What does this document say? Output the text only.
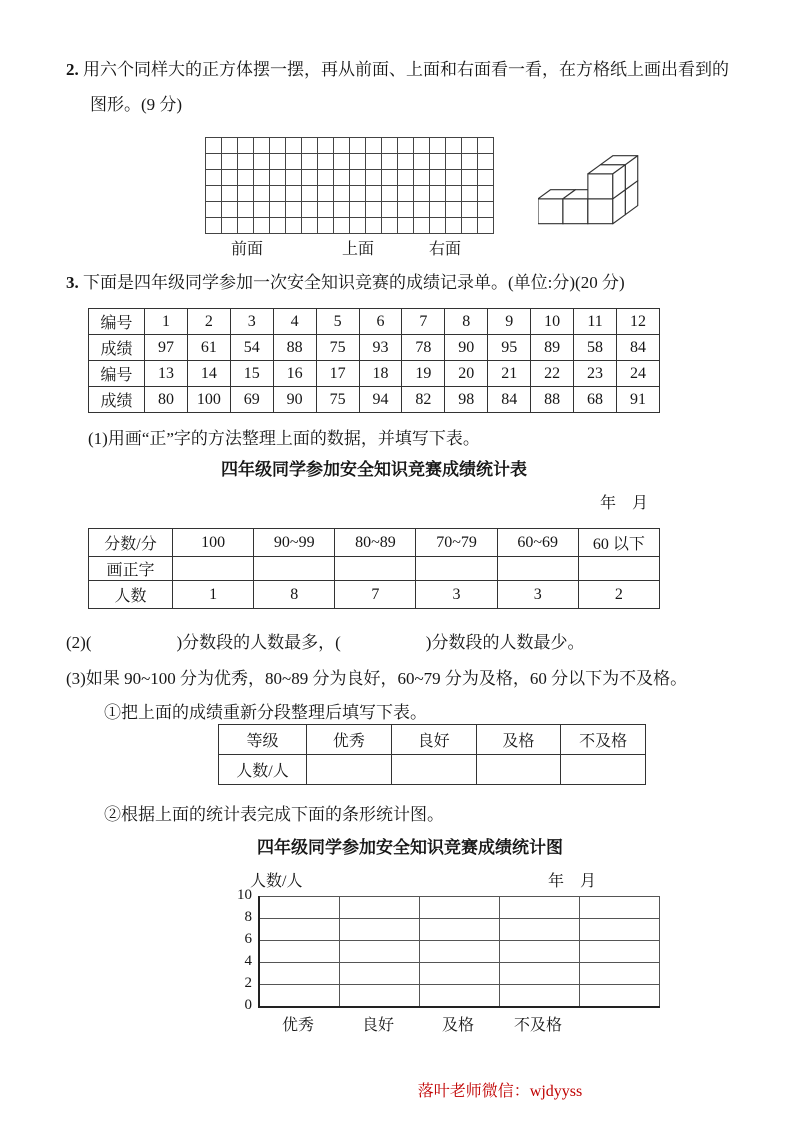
2. 用六个同样大的正方体摆一摆，再从前面、上面和右面看一看，在方格纸上画出看到的
图形。(9 分)
前面	上面	右面
3. 下面是四年级同学参加一次安全知识竞赛的成绩记录单。(单位:分)(20 分)
编号	1	2	3	4	5	6	7	8	9	10	11	12
成绩	97	61	54	88	75	93	78	90	95	89	58	84
编号	13	14	15	16	17	18	19	20	21	22	23	24
成绩	80	100	69	90	75	94	82	98	84	88	68	91
(1)用画“正”字的方法整理上面的数据，并填写下表。
四年级同学参加安全知识竞赛成绩统计表
年　月
分数/分	100	90~99	80~89	70~79	60~69	60 以下
画正字						
人数	1	8	7	3	3	2
(2)(　　　　　)分数段的人数最多，(　　　　　)分数段的人数最少。
(3)如果 90~100 分为优秀，80~89 分为良好，60~79 分为及格，60 分以下为不及格。
①把上面的成绩重新分段整理后填写下表。
等级	优秀	良好	及格	不及格
人数/人				
②根据上面的统计表完成下面的条形统计图。
四年级同学参加安全知识竞赛成绩统计图
人数/人	年　月
0
2
4
6
8
10
优秀	良好	及格	不及格
落叶老师微信：wjdyyss
